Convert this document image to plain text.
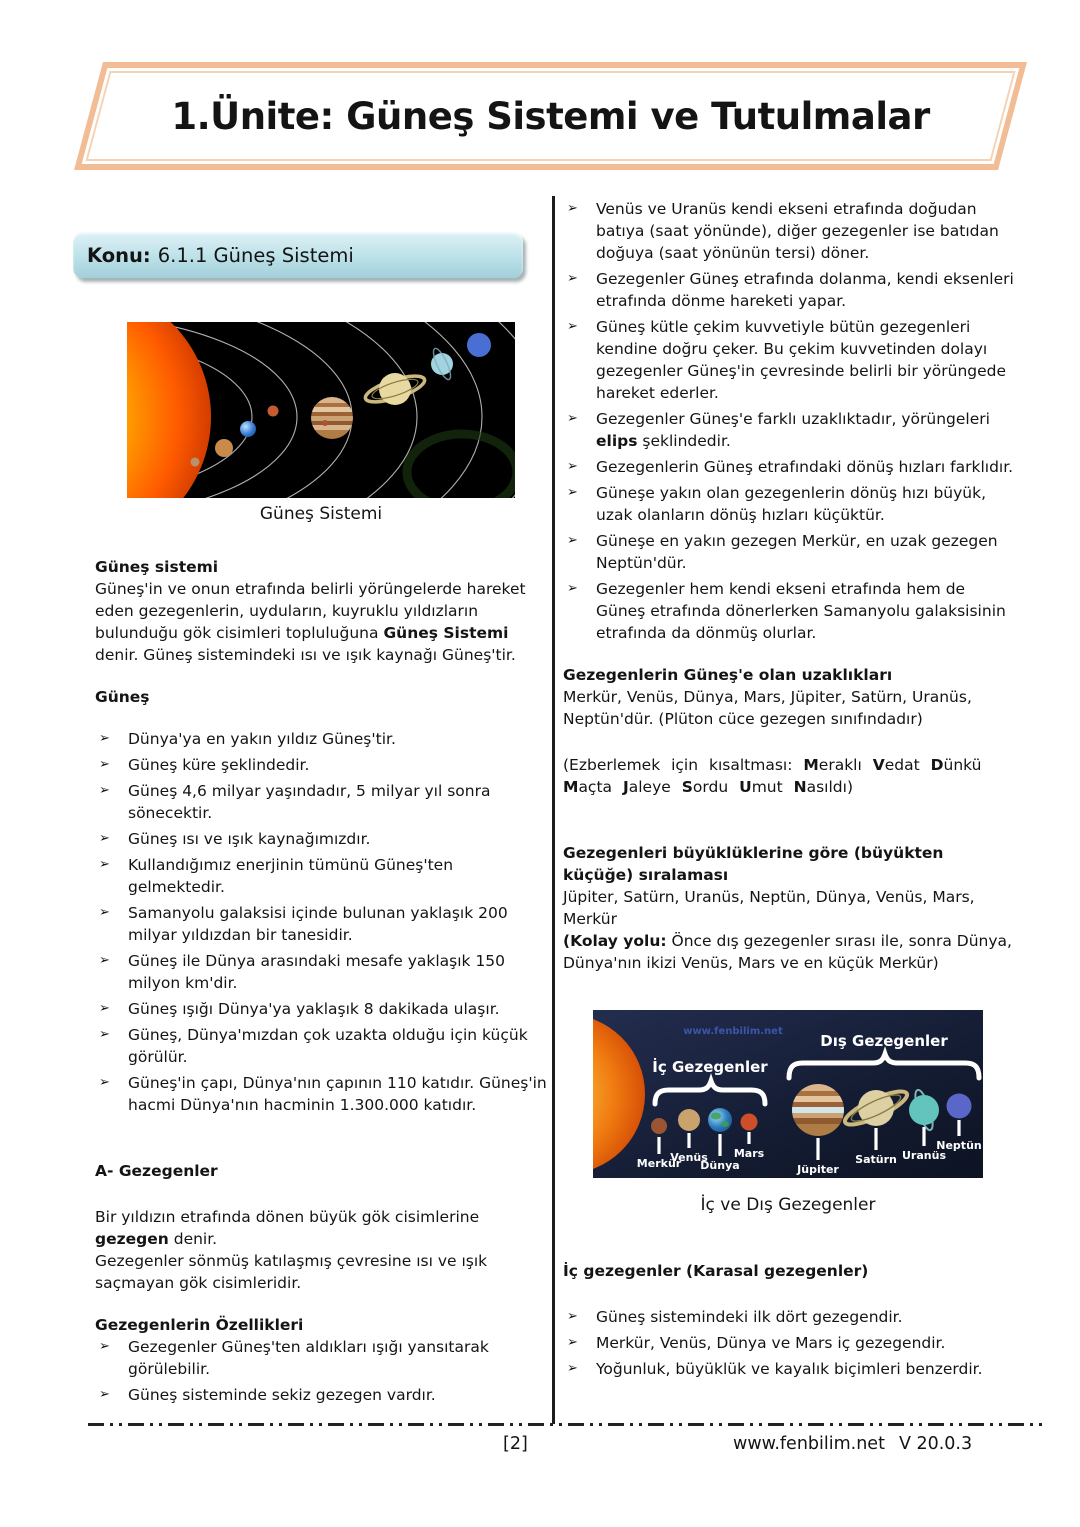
1.Ünite: Güneş Sistemi ve Tutulmalar
Konu: 6.1.1 Güneş Sistemi
Güneş Sistemi
Güneş sistemi

Güneş'in ve onun etrafında belirli yörüngelerde hareket eden gezegenlerin, uyduların, kuyruklu yıldızların bulunduğu gök cisimleri topluluğuna Güneş Sistemi denir. Güneş sistemindeki ısı ve ışık kaynağı Güneş'tir.

Güneş
➢ Dünya'ya en yakın yıldız Güneş'tir.
➢ Güneş küre şeklindedir.
➢ Güneş 4,6 milyar yaşındadır, 5 milyar yıl sonra sönecektir.
➢ Güneş ısı ve ışık kaynağımızdır.
➢ Kullandığımız enerjinin tümünü Güneş'ten gelmektedir.
➢ Samanyolu galaksisi içinde bulunan yaklaşık 200 milyar yıldızdan bir tanesidir.
➢ Güneş ile Dünya arasındaki mesafe yaklaşık 150 milyon km'dir.
➢ Güneş ışığı Dünya'ya yaklaşık 8 dakikada ulaşır.
➢ Güneş, Dünya'mızdan çok uzakta olduğu için küçük görülür.
➢ Güneş'in çapı, Dünya'nın çapının 110 katıdır. Güneş'in hacmi Dünya'nın hacminin 1.300.000 katıdır.
A- Gezegenler

Bir yıldızın etrafında dönen büyük gök cisimlerine gezegen denir.

Gezegenler sönmüş katılaşmış çevresine ısı ve ışık saçmayan gök cisimleridir.

Gezegenlerin Özellikleri
➢ Gezegenler Güneş'ten aldıkları ışığı yansıtarak görülebilir.
➢ Güneş sisteminde sekiz gezegen vardır.
➢ Venüs ve Uranüs kendi ekseni etrafında doğudan batıya (saat yönünde), diğer gezegenler ise batıdan doğuya (saat yönünün tersi) döner.
➢ Gezegenler Güneş etrafında dolanma, kendi eksenleri etrafında dönme hareketi yapar.
➢ Güneş kütle çekim kuvvetiyle bütün gezegenleri kendine doğru çeker. Bu çekim kuvvetinden dolayı gezegenler Güneş'in çevresinde belirli bir yörüngede hareket ederler.
➢ Gezegenler Güneş'e farklı uzaklıktadır, yörüngeleri elips şeklindedir.
➢ Gezegenlerin Güneş etrafındaki dönüş hızları farklıdır.
➢ Güneşe yakın olan gezegenlerin dönüş hızı büyük, uzak olanların dönüş hızları küçüktür.
➢ Güneşe en yakın gezegen Merkür, en uzak gezegen Neptün'dür.
➢ Gezegenler hem kendi ekseni etrafında hem de Güneş etrafında dönerlerken Samanyolu galaksisinin etrafında da dönmüş olurlar.
Gezegenlerin Güneş'e olan uzaklıkları

Merkür, Venüs, Dünya, Mars, Jüpiter, Satürn, Uranüs, Neptün'dür. (Plüton cüce gezegen sınıfındadır)

(Ezberlemek için kısaltması: Meraklı Vedat Dünkü Maçta Jaleye Sordu Umut Nasıldı)

Gezegenleri büyüklüklerine göre (büyükten küçüğe) sıralaması

Jüpiter, Satürn, Uranüs, Neptün, Dünya, Venüs, Mars, Merkür

(Kolay yolu: Önce dış gezegenler sırası ile, sonra Dünya, Dünya'nın ikizi Venüs, Mars ve en küçük Merkür)

www.fenbilim.net
İç Gezegenler
Dış Gezegenler
Merkür
Venüs
Dünya
Mars
Jüpiter
Satürn Uranüs
Neptün
İç ve Dış Gezegenler
İç gezegenler (Karasal gezegenler)
➢ Güneş sistemindeki ilk dört gezegendir.
➢ Merkür, Venüs, Dünya ve Mars iç gezegendir.
➢ Yoğunluk, büyüklük ve kayalık biçimleri benzerdir.
[2]	www.fenbilim.net V 20.0.3
